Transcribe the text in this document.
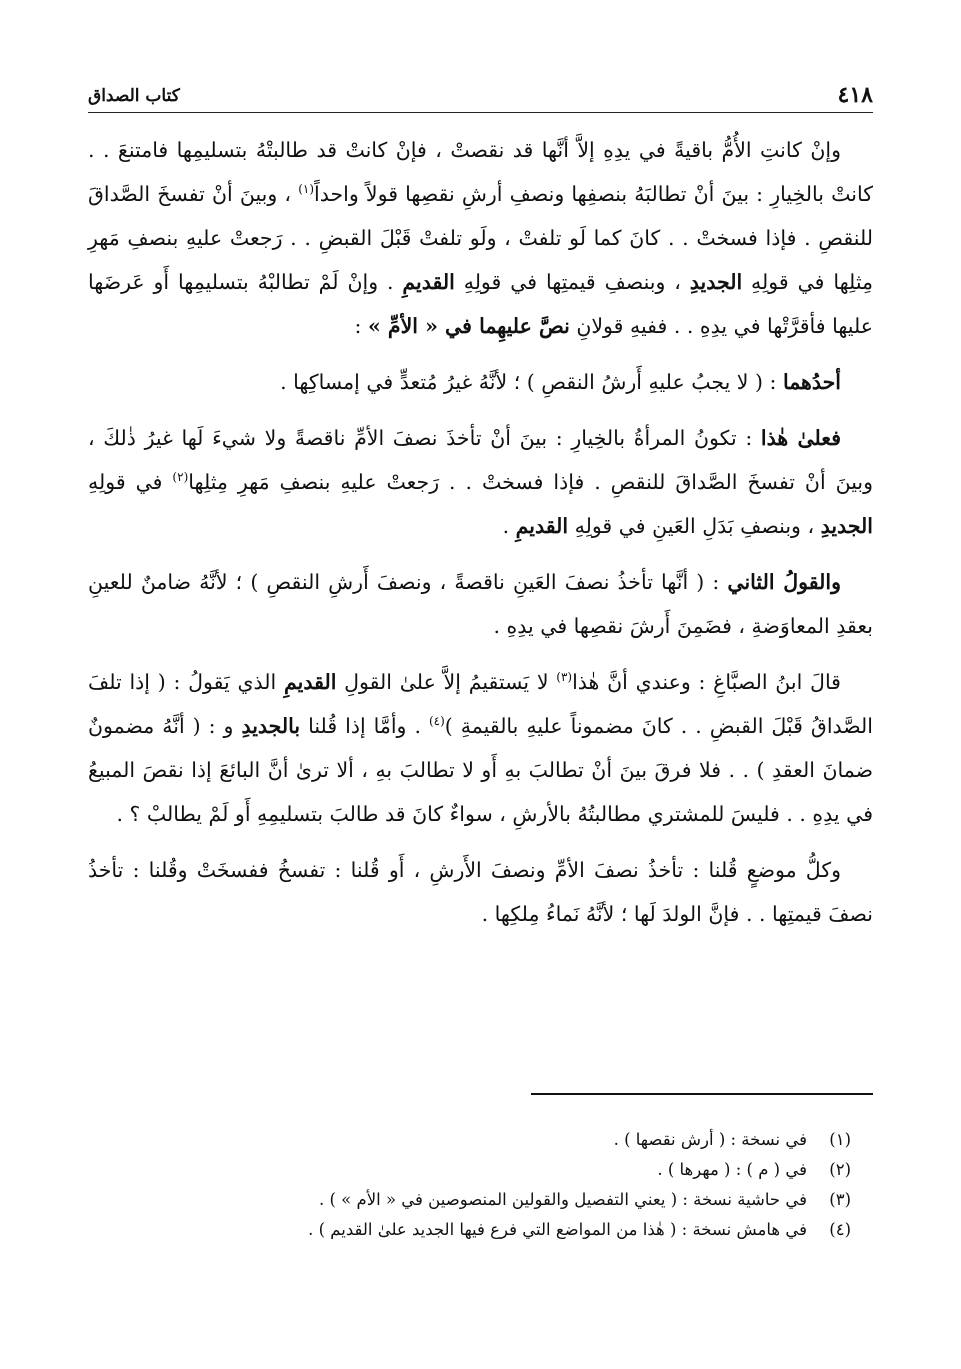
٤١٨
كتاب الصداق

وإنْ كانتِ الأُمُّ باقيةً في يدِهِ إلاَّ أنَّها قد نقصتْ ، فإنْ كانتْ قد طالبتْهُ بتسليمِها فامتنعَ . . كانتْ بالخِيارِ : بينَ أنْ تطالبَهُ بنصفِها ونصفِ أرشِ نقصِها قولاً واحداً$^{(١)}$ ، وبينَ أنْ تفسخَ الصَّداقَ للنقصِ . فإذا فسختْ . . كانَ كما لَو تلفتْ ، ولَو تلفتْ قَبْلَ القبضِ . . رَجعتْ عليهِ بنصفِ مَهرِ مِثلِها في قولِهِ الجديدِ ، وبنصفِ قيمتِها في قولِهِ القديمِ . وإنْ لَمْ تطالبْهُ بتسليمِها أَو عَرضَها عليها فأقرَّتْها في يدِهِ . . ففيهِ قولانِ نصَّ عليهِما في « الأمِّ » :

أحدُهما : ( لا يجبُ عليهِ أَرشُ النقصِ ) ؛ لأنَّهُ غيرُ مُتعدٍّ في إمساكِها .

فعلىٰ هٰذا : تكونُ المرأةُ بالخِيارِ : بينَ أنْ تأخذَ نصفَ الأمِّ ناقصةً ولا شيءَ لَها غيرُ ذٰلكَ ، وبينَ أنْ تفسخَ الصَّداقَ للنقصِ . فإذا فسختْ . . رَجعتْ عليهِ بنصفِ مَهرِ مِثلِها$^{(٢)}$ في قولِهِ الجديدِ ، وبنصفِ بَدَلِ العَينِ في قولِهِ القديمِ .

والقولُ الثاني : ( أنَّها تأخذُ نصفَ العَينِ ناقصةً ، ونصفَ أَرشِ النقصِ ) ؛ لأنَّهُ ضامنٌ للعينِ بعقدِ المعاوَضةِ ، فضَمِنَ أَرشَ نقصِها في يدِهِ .

قالَ ابنُ الصبَّاغِ : وعندي أنَّ هٰذا$^{(٣)}$ لا يَستقيمُ إلاَّ علىٰ القولِ القديمِ الذي يَقولُ : ( إذا تلفَ الصَّداقُ قَبْلَ القبضِ . . كانَ مضموناً عليهِ بالقيمةِ )$^{(٤)}$ . وأمَّا إذا قُلنا بالجديدِ و : ( أنَّهُ مضمونٌ ضمانَ العقدِ ) . . فلا فرقَ بينَ أنْ تطالبَ بهِ أَو لا تطالبَ بهِ ، ألا ترىٰ أنَّ البائعَ إذا نقصَ المبيعُ في يدِهِ . . فليسَ للمشتري مطالبتُهُ بالأرشِ ، سواءٌ كانَ قد طالبَ بتسليمِهِ أَو لَمْ يطالبْ ؟ .

وكلُّ موضعٍ قُلنا : تأخذُ نصفَ الأمِّ ونصفَ الأَرشِ ، أَو قُلنا : تفسخُ ففسخَتْ وقُلنا : تأخذُ نصفَ قيمتِها . . فإنَّ الولدَ لَها ؛ لأنَّهُ نَماءُ مِلكِها .

(١)في نسخة : ( أرش نقصها ) .
(٢)في ( م ) : ( مهرها ) .
(٣)في حاشية نسخة : ( يعني التفصيل والقولين المنصوصين في « الأم » ) .
(٤)في هامش نسخة : ( هٰذا من المواضع التي فرع فيها الجديد علىٰ القديم ) .
